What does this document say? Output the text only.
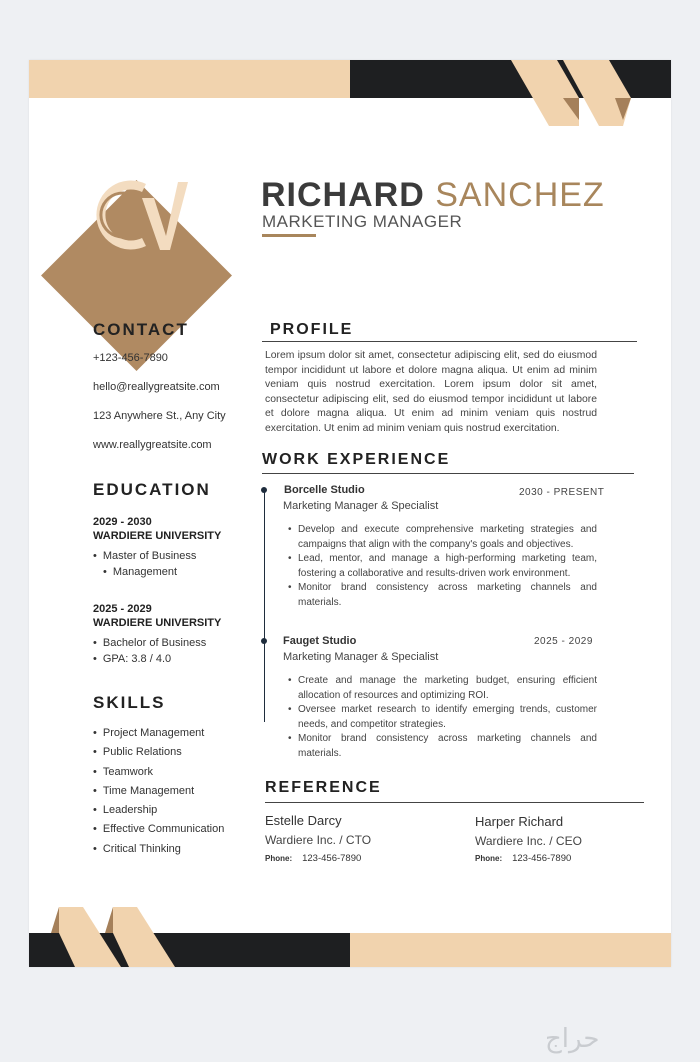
RICHARD SANCHEZ
MARKETING MANAGER
CONTACT
+123-456-7890
hello@reallygreatsite.com
123 Anywhere St., Any City
www.reallygreatsite.com
EDUCATION
2029 - 2030
WARDIERE UNIVERSITY
• Master of Business
• Management
2025 - 2029
WARDIERE UNIVERSITY
• Bachelor of Business
• GPA: 3.8 / 4.0
SKILLS
• Project Management
• Public Relations
• Teamwork
• Time Management
• Leadership
• Effective Communication
• Critical Thinking
PROFILE
Lorem ipsum dolor sit amet, consectetur adipiscing elit, sed do eiusmod tempor incididunt ut labore et dolore magna aliqua. Ut enim ad minim veniam quis nostrud exercitation. Lorem ipsum dolor sit amet, consectetur adipiscing elit, sed do eiusmod tempor incididunt ut labore et dolore magna aliqua. Ut enim ad minim veniam quis nostrud exercitation. Ut enim ad minim veniam quis nostrud exercitation.
WORK EXPERIENCE
Borcelle Studio	2030 - PRESENT
Marketing Manager & Specialist
• Develop and execute comprehensive marketing strategies and campaigns that align with the company's goals and objectives.
• Lead, mentor, and manage a high-performing marketing team, fostering a collaborative and results-driven work environment.
• Monitor brand consistency across marketing channels and materials.
Fauget Studio	2025 - 2029
Marketing Manager & Specialist
• Create and manage the marketing budget, ensuring efficient allocation of resources and optimizing ROI.
• Oversee market research to identify emerging trends, customer needs, and competitor strategies.
• Monitor brand consistency across marketing channels and materials.
REFERENCE
Estelle Darcy
Wardiere Inc. / CTO
Phone: 123-456-7890
Harper Richard
Wardiere Inc. / CEO
Phone: 123-456-7890
حراج
